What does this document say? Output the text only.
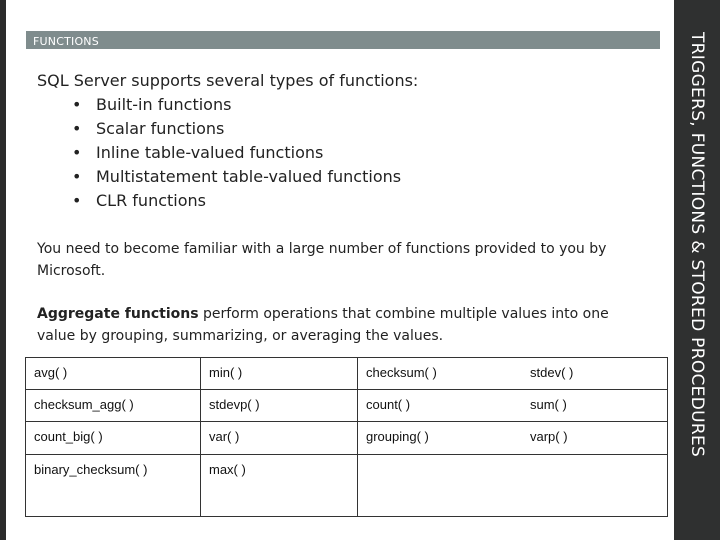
FUNCTIONS	TRIGGERS, FUNCTIONS & STORED PROCEDURES
SQL Server supports several types of functions:
• Built-in functions
• Scalar functions
• Inline table-valued functions
• Multistatement table-valued functions
• CLR functions
You need to become familiar with a large number of functions provided to you by Microsoft.
Aggregate functions perform operations that combine multiple values into one value by grouping, summarizing, or averaging the values.
avg( )	min( )	checksum( )	stdev( )
checksum_agg( )	stdevp( )	count( )	sum( )
count_big( )	var( )	grouping( )	varp( )
binary_checksum( )	max( )		
